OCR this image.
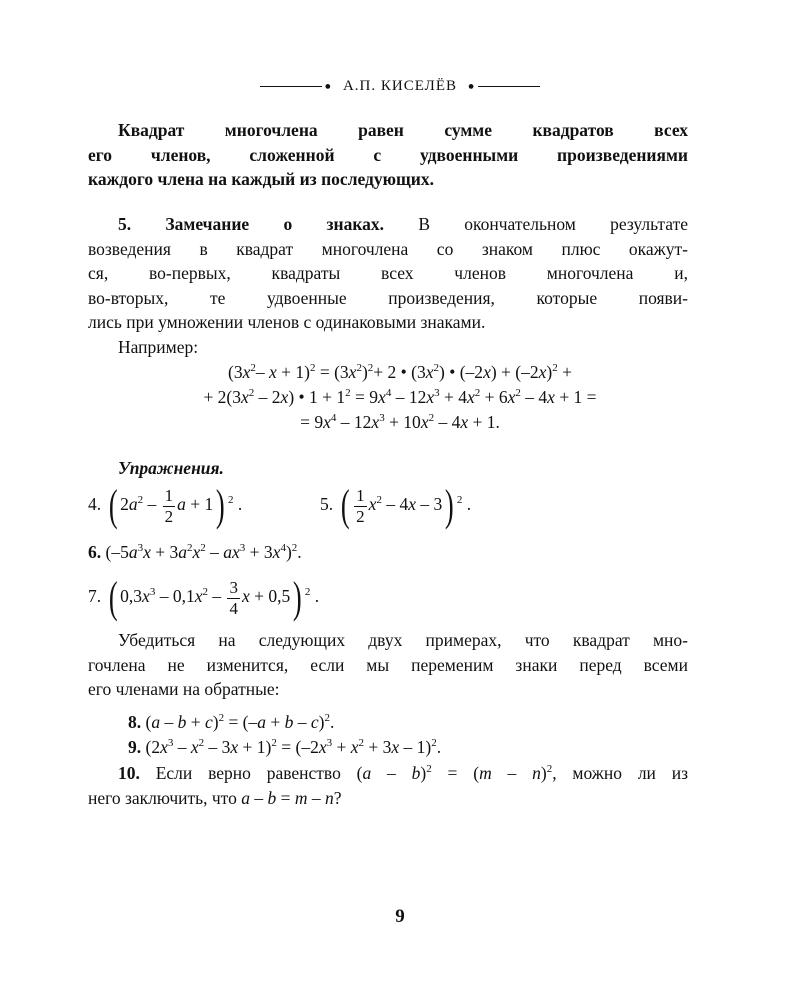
● А.П. КИСЕЛЁВ ●
Квадрат многочлена равен сумме квадратов всех
его членов, сложенной с удвоенными произведениями
каждого члена на каждый из последующих.
5. Замечание о знаках. В окончательном результате
возведения в квадрат многочлена со знаком плюс окажут-
ся, во-первых, квадраты всех членов многочлена и,
во-вторых, те удвоенные произведения, которые появи-
лись при умножении членов с одинаковыми знаками.
Например:
($3x^2-$ $x + 1)^2 = (3x^2)^2+ 2$ • $(3x^2)$ • $(-2x) + (-2x)^2$ +
+ $2(3x^2 - 2x)$ • $1 + 1^2 = 9x^4 - 12x^3 + 4x^2 + 6x^2 - 4x + 1$ =
= $9x^4 - 12x^3 + 10x^2 - 4x + 1$.
Упражнения.
4. ( $2a^2 - \frac{1}{2}$ a + 1) $^2$ .	5. ( $\frac{1}{2} x^2 - 4x - 3$) $^2$ .
6. $(-5a^3x + 3a^2x^2 - ax^3 + 3x^4)^2$.
7. ( $0,3x^3 - 0,1x^2 - \frac{3}{4}$ x + 0,5) $^2$ .
Убедиться на следующих двух примерах, что квадрат мно-
гочлена не изменится, если мы переменим знаки перед всеми
его членами на обратные:
8. $(a - b + c)^2 = (-a + b - c)^2$.
9. $(2x^3 - x^2 - 3x + 1)^2 = (-2x^3 + x^2 + 3x - 1)^2$.
10. Если верно равенство (a – b)$^2$ = (m – n)$^2$, можно ли из
него заключить, что a – b = m – n?
9
